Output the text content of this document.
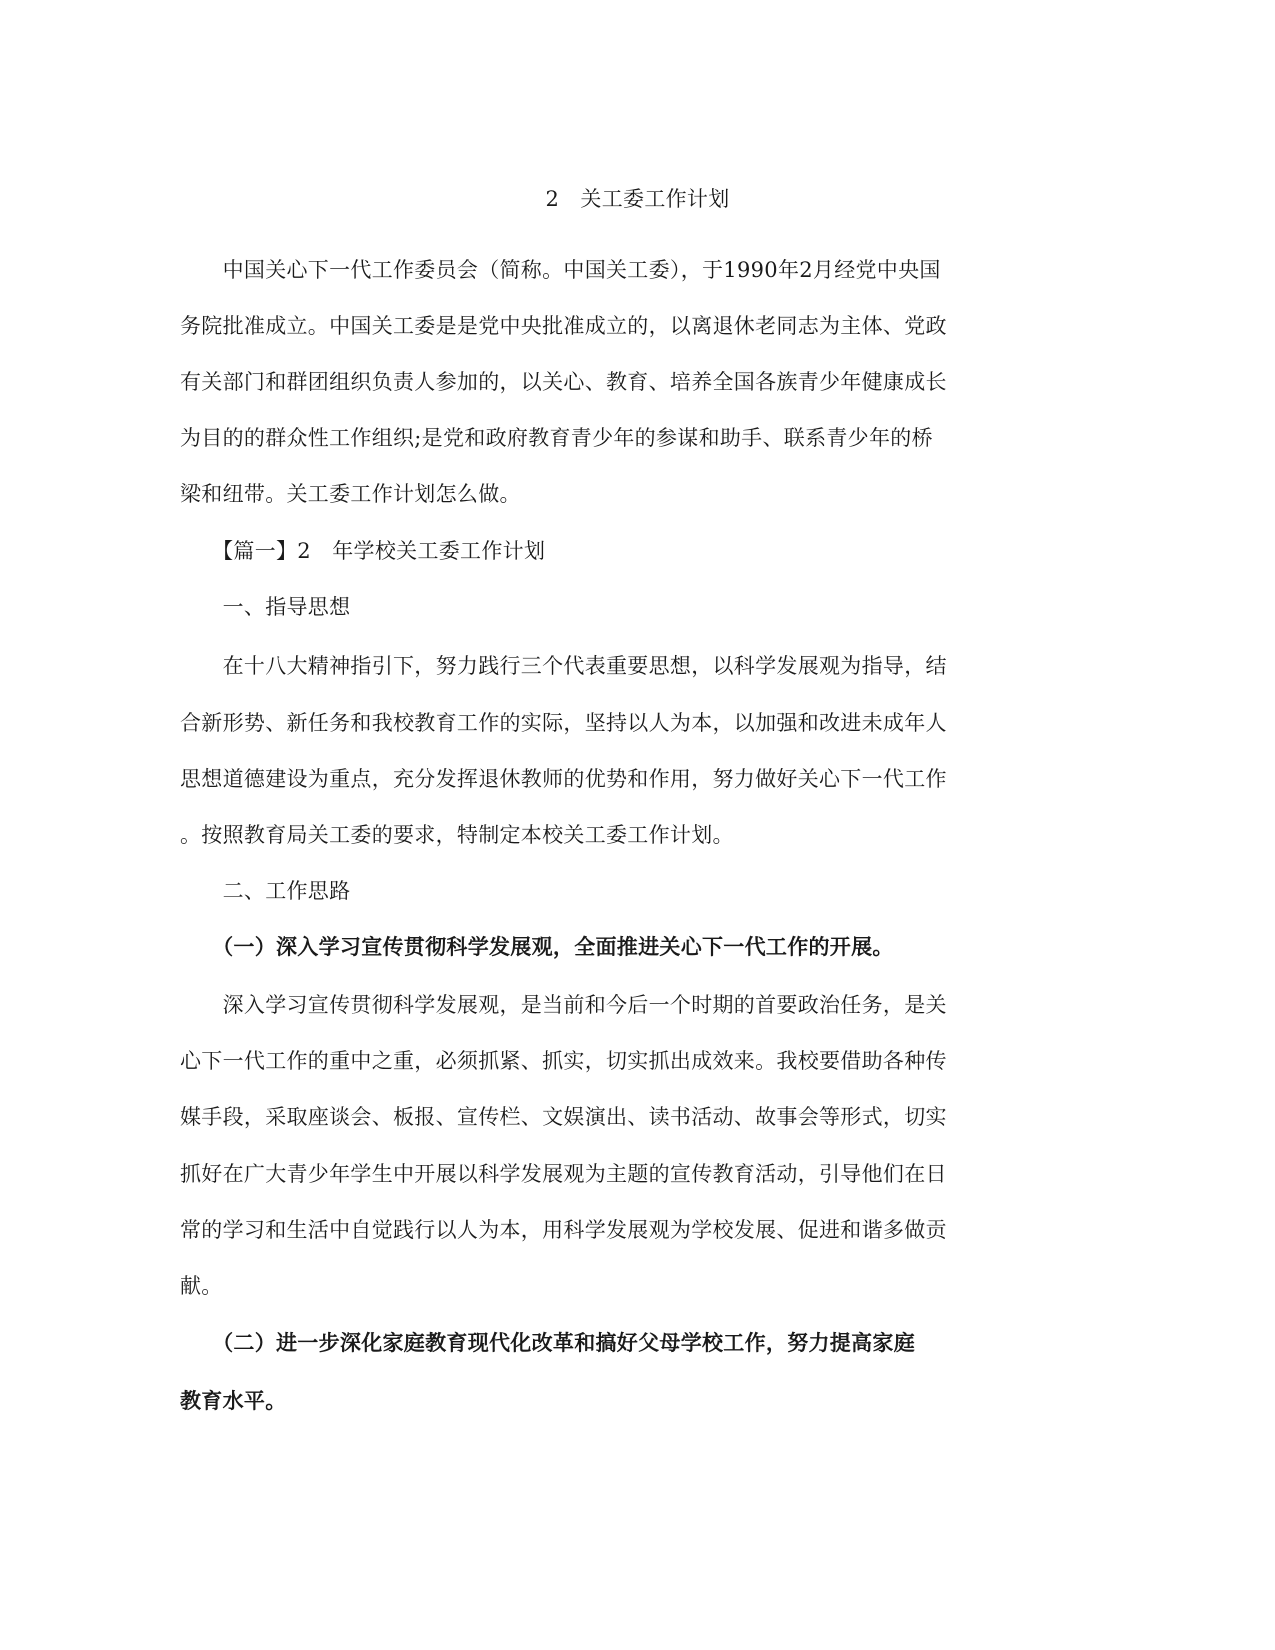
2　关工委工作计划
　　中国关心下一代工作委员会（简称。中国关工委），于1990年2月经党中央国
务院批准成立。中国关工委是是党中央批准成立的，以离退休老同志为主体、党政
有关部门和群团组织负责人参加的，以关心、教育、培养全国各族青少年健康成长
为目的的群众性工作组织;是党和政府教育青少年的参谋和助手、联系青少年的桥
梁和纽带。关工委工作计划怎么做。
　　【篇一】2　年学校关工委工作计划
　　一、指导思想
　　在十八大精神指引下，努力践行三个代表重要思想，以科学发展观为指导，结
合新形势、新任务和我校教育工作的实际，坚持以人为本，以加强和改进未成年人
思想道德建设为重点，充分发挥退休教师的优势和作用，努力做好关心下一代工作
。按照教育局关工委的要求，特制定本校关工委工作计划。
　　二、工作思路
　　（一）深入学习宣传贯彻科学发展观，全面推进关心下一代工作的开展。
　　深入学习宣传贯彻科学发展观，是当前和今后一个时期的首要政治任务，是关
心下一代工作的重中之重，必须抓紧、抓实，切实抓出成效来。我校要借助各种传
媒手段，采取座谈会、板报、宣传栏、文娱演出、读书活动、故事会等形式，切实
抓好在广大青少年学生中开展以科学发展观为主题的宣传教育活动，引导他们在日
常的学习和生活中自觉践行以人为本，用科学发展观为学校发展、促进和谐多做贡
献。
　　（二）进一步深化家庭教育现代化改革和搞好父母学校工作，努力提高家庭
教育水平。
